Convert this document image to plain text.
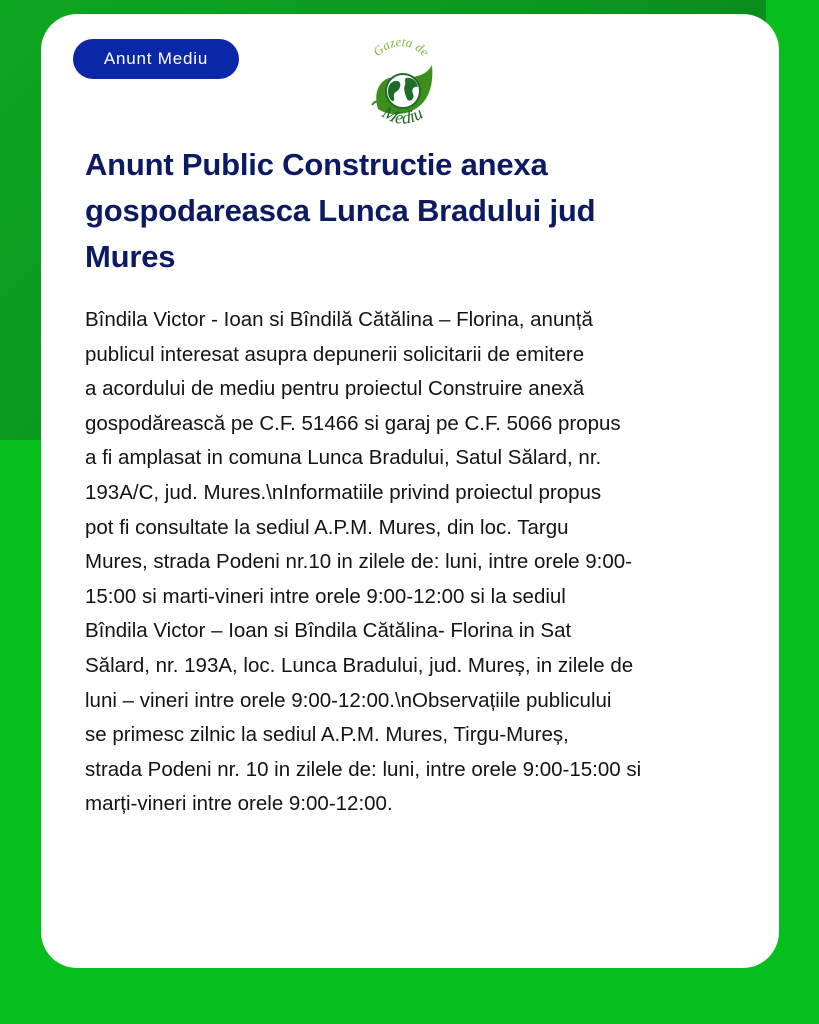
Anunt Mediu	Gazeta de
Mediu
Anunt Public Constructie anexa
gospodareasca Lunca Bradului jud
Mures

Bîndila Victor - Ioan si Bîndilă Cătălina – Florina, anunță
publicul interesat asupra depunerii solicitarii de emitere
a acordului de mediu pentru proiectul Construire anexă
gospodărească pe C.F. 51466 si garaj pe C.F. 5066 propus
a fi amplasat in comuna Lunca Bradului, Satul Sălard, nr.
193A/C, jud. Mures.\nInformatiile privind proiectul propus
pot fi consultate la sediul A.P.M. Mures, din loc. Targu
Mures, strada Podeni nr.10 in zilele de: luni, intre orele 9:00-
15:00 si marti-vineri intre orele 9:00-12:00 si la sediul
Bîndila Victor – Ioan si Bîndila Cătălina- Florina in Sat
Sălard, nr. 193A, loc. Lunca Bradului, jud. Mureș, in zilele de
luni – vineri intre orele 9:00-12:00.\nObservațiile publicului
se primesc zilnic la sediul A.P.M. Mures, Tirgu-Mureș,
strada Podeni nr. 10 in zilele de: luni, intre orele 9:00-15:00 si
marți-vineri intre orele 9:00-12:00.
